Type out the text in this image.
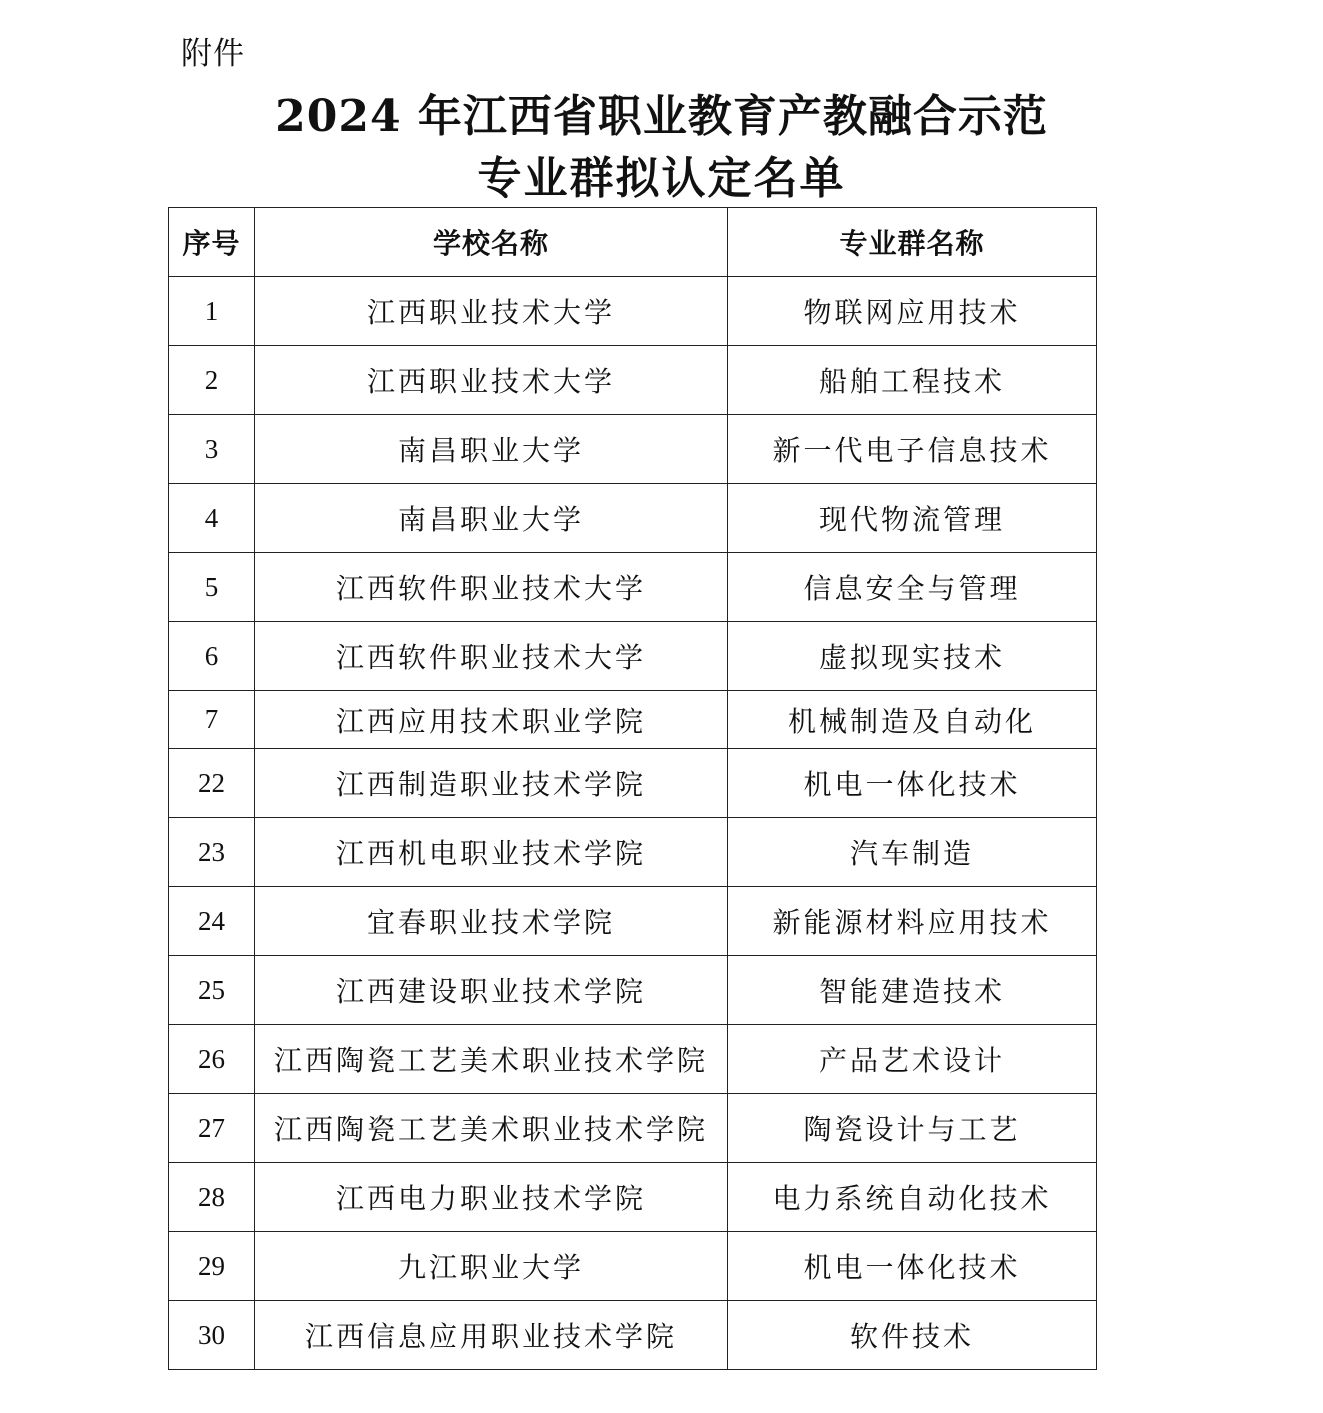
附件
2024 年江西省职业教育产教融合示范
专业群拟认定名单
序号	学校名称	专业群名称
1	江西职业技术大学	物联网应用技术
2	江西职业技术大学	船舶工程技术
3	南昌职业大学	新一代电子信息技术
4	南昌职业大学	现代物流管理
5	江西软件职业技术大学	信息安全与管理
6	江西软件职业技术大学	虚拟现实技术
7	江西应用技术职业学院	机械制造及自动化
22	江西制造职业技术学院	机电一体化技术
23	江西机电职业技术学院	汽车制造
24	宜春职业技术学院	新能源材料应用技术
25	江西建设职业技术学院	智能建造技术
26	江西陶瓷工艺美术职业技术学院	产品艺术设计
27	江西陶瓷工艺美术职业技术学院	陶瓷设计与工艺
28	江西电力职业技术学院	电力系统自动化技术
29	九江职业大学	机电一体化技术
30	江西信息应用职业技术学院	软件技术
